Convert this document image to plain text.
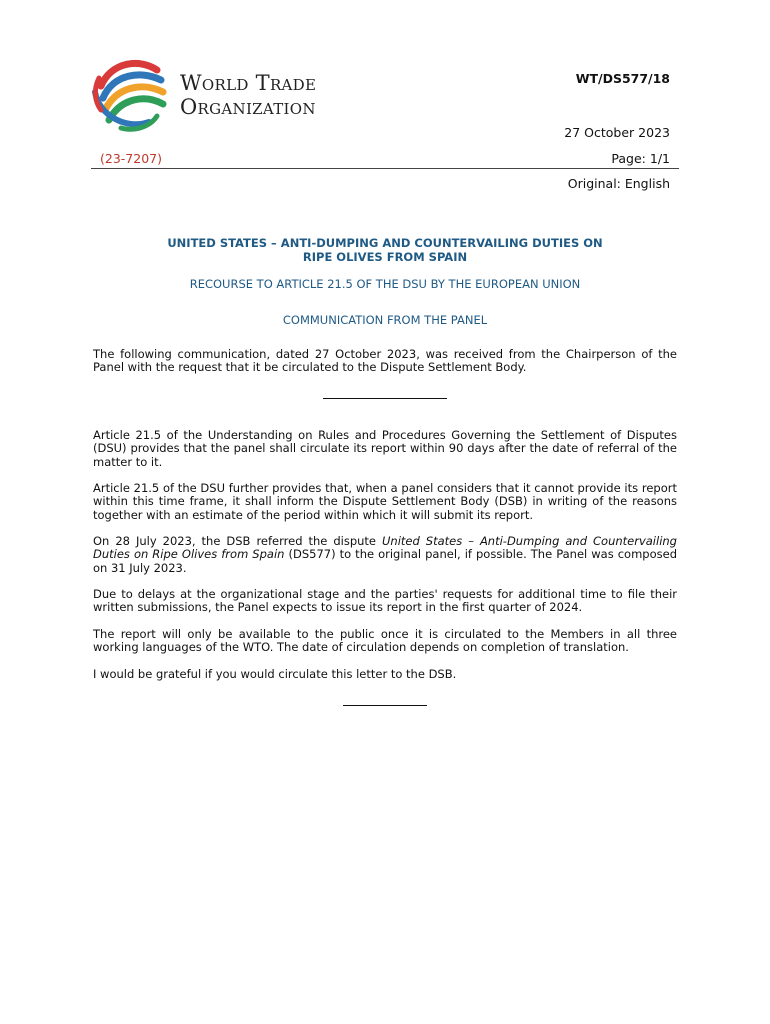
World Trade
Organization
WT/DS577/18
27 October 2023
(23-7207)	Page: 1/1
Original: English
UNITED STATES – ANTI-DUMPING AND COUNTERVAILING DUTIES ON
RIPE OLIVES FROM SPAIN
RECOURSE TO ARTICLE 21.5 OF THE DSU BY THE EUROPEAN UNION
COMMUNICATION FROM THE PANEL

The following communication, dated 27 October 2023, was received from the Chairperson of the Panel with the request that it be circulated to the Dispute Settlement Body.

Article 21.5 of the Understanding on Rules and Procedures Governing the Settlement of Disputes (DSU) provides that the panel shall circulate its report within 90 days after the date of referral of the matter to it.

Article 21.5 of the DSU further provides that, when a panel considers that it cannot provide its report within this time frame, it shall inform the Dispute Settlement Body (DSB) in writing of the reasons together with an estimate of the period within which it will submit its report.

On 28 July 2023, the DSB referred the dispute United States – Anti-Dumping and Countervailing Duties on Ripe Olives from Spain (DS577) to the original panel, if possible. The Panel was composed on 31 July 2023.

Due to delays at the organizational stage and the parties' requests for additional time to file their written submissions, the Panel expects to issue its report in the first quarter of 2024.

The report will only be available to the public once it is circulated to the Members in all three working languages of the WTO. The date of circulation depends on completion of translation.

I would be grateful if you would circulate this letter to the DSB.
